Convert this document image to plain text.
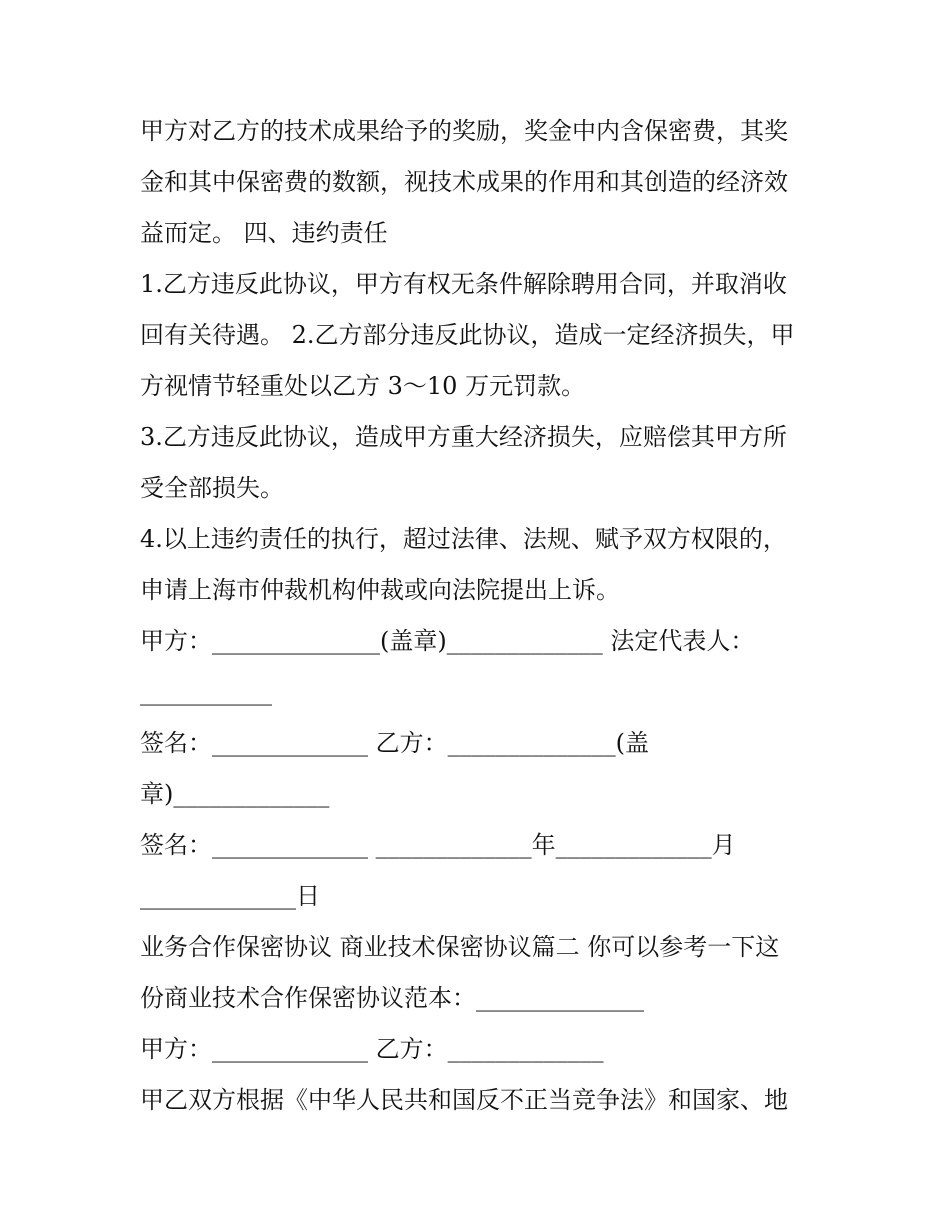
甲方对乙方的技术成果给予的奖励，奖金中内含保密费，其奖
金和其中保密费的数额，视技术成果的作用和其创造的经济效
益而定。 四、违约责任
1.乙方违反此协议，甲方有权无条件解除聘用合同，并取消收
回有关待遇。 2.乙方部分违反此协议，造成一定经济损失，甲
方视情节轻重处以乙方 3～10 万元罚款。
3.乙方违反此协议，造成甲方重大经济损失，应赔偿其甲方所
受全部损失。
4.以上违约责任的执行，超过法律、法规、赋予双方权限的，
申请上海市仲裁机构仲裁或向法院提出上诉。
甲方：______________(盖章)_____________ 法定代表人：
___________
签名：_____________ 乙方：______________(盖
章)_____________
签名：_____________ _____________年_____________月
_____________日
业务合作保密协议 商业技术保密协议篇二 你可以参考一下这
份商业技术合作保密协议范本：______________
甲方：_____________ 乙方：_____________
甲乙双方根据《中华人民共和国反不正当竞争法》和国家、地
